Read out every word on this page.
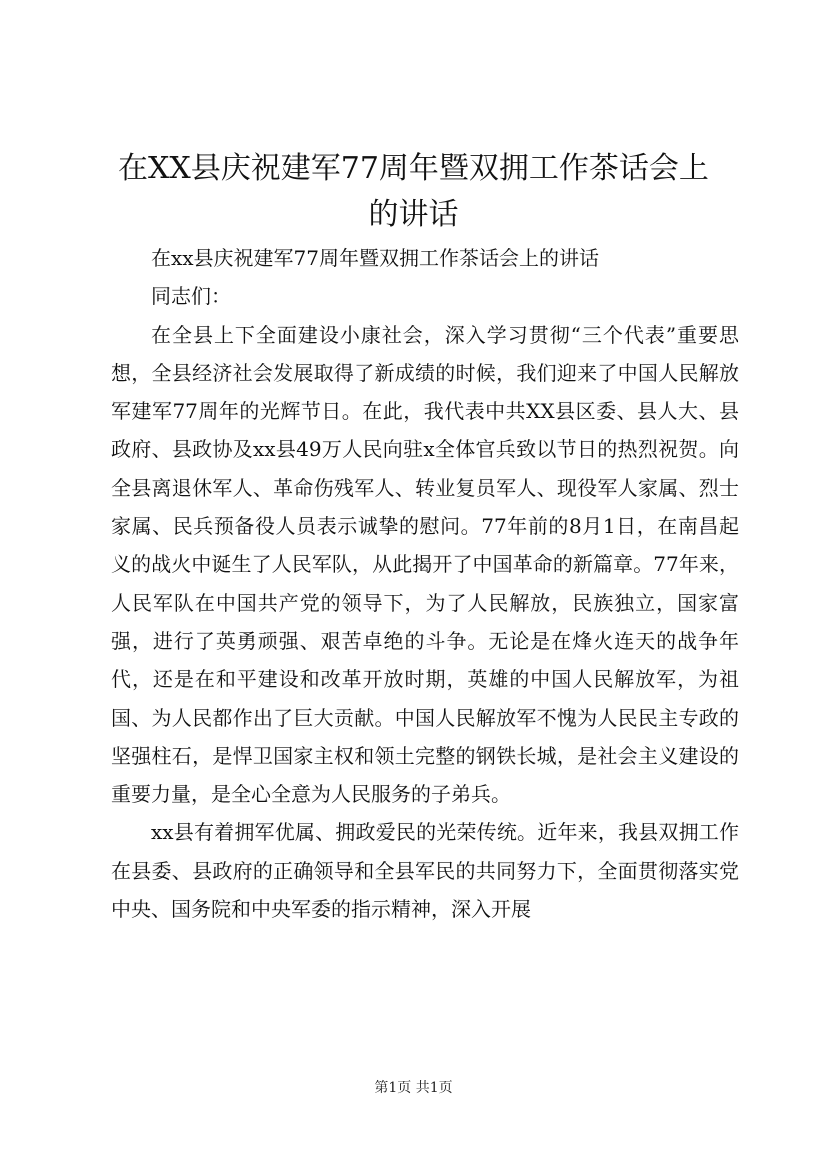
在XX县庆祝建军77周年暨双拥工作茶话会上
的讲话

在xx县庆祝建军77周年暨双拥工作茶话会上的讲话

同志们：

在全县上下全面建设小康社会，深入学习贯彻“三个代表”重要思想，全县经济社会发展取得了新成绩的时候，我们迎来了中国人民解放军建军77周年的光辉节日。在此，我代表中共XX县区委、县人大、县政府、县政协及xx县49万人民向驻x全体官兵致以节日的热烈祝贺。向全县离退休军人、革命伤残军人、转业复员军人、现役军人家属、烈士家属、民兵预备役人员表示诚挚的慰问。77年前的8月1日，在南昌起义的战火中诞生了人民军队，从此揭开了中国革命的新篇章。77年来，人民军队在中国共产党的领导下，为了人民解放，民族独立，国家富强，进行了英勇顽强、艰苦卓绝的斗争。无论是在烽火连天的战争年代，还是在和平建设和改革开放时期，英雄的中国人民解放军，为祖国、为人民都作出了巨大贡献。中国人民解放军不愧为人民民主专政的坚强柱石，是悍卫国家主权和领土完整的钢铁长城，是社会主义建设的重要力量，是全心全意为人民服务的子弟兵。

xx县有着拥军优属、拥政爱民的光荣传统。近年来，我县双拥工作在县委、县政府的正确领导和全县军民的共同努力下，全面贯彻落实党中央、国务院和中央军委的指示精神，深入开展

第1页 共1页
